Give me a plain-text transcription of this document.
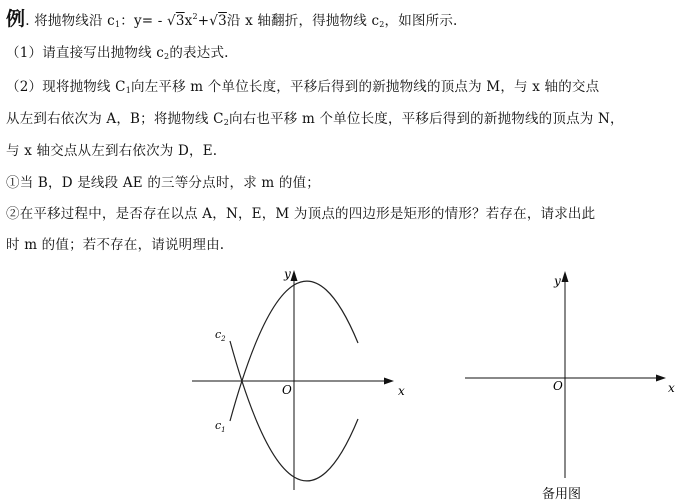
例. 将抛物线沿 $c_1$：$y= - √3x^2+√3$沿 x 轴翻折，得抛物线 $c_2$，如图所示.
（1）请直接写出抛物线 $c_2$的表达式.
（2）现将抛物线 $C_1$向左平移 m 个单位长度，平移后得到的新抛物线的顶点为 M，与 x 轴的交点
从左到右依次为 A，B；将抛物线 $C_2$向右也平移 m 个单位长度，平移后得到的新抛物线的顶点为 N，
与 x 轴交点从左到右依次为 D，E.
①当 B，D 是线段 AE 的三等分点时，求 m 的值；
②在平移过程中，是否存在以点 A，N，E，M 为顶点的四边形是矩形的情形？若存在，请求出此
时 m 的值；若不存在，请说明理由.
y
x
O
$c_2$
$c_1$
y
x
O
备用图
